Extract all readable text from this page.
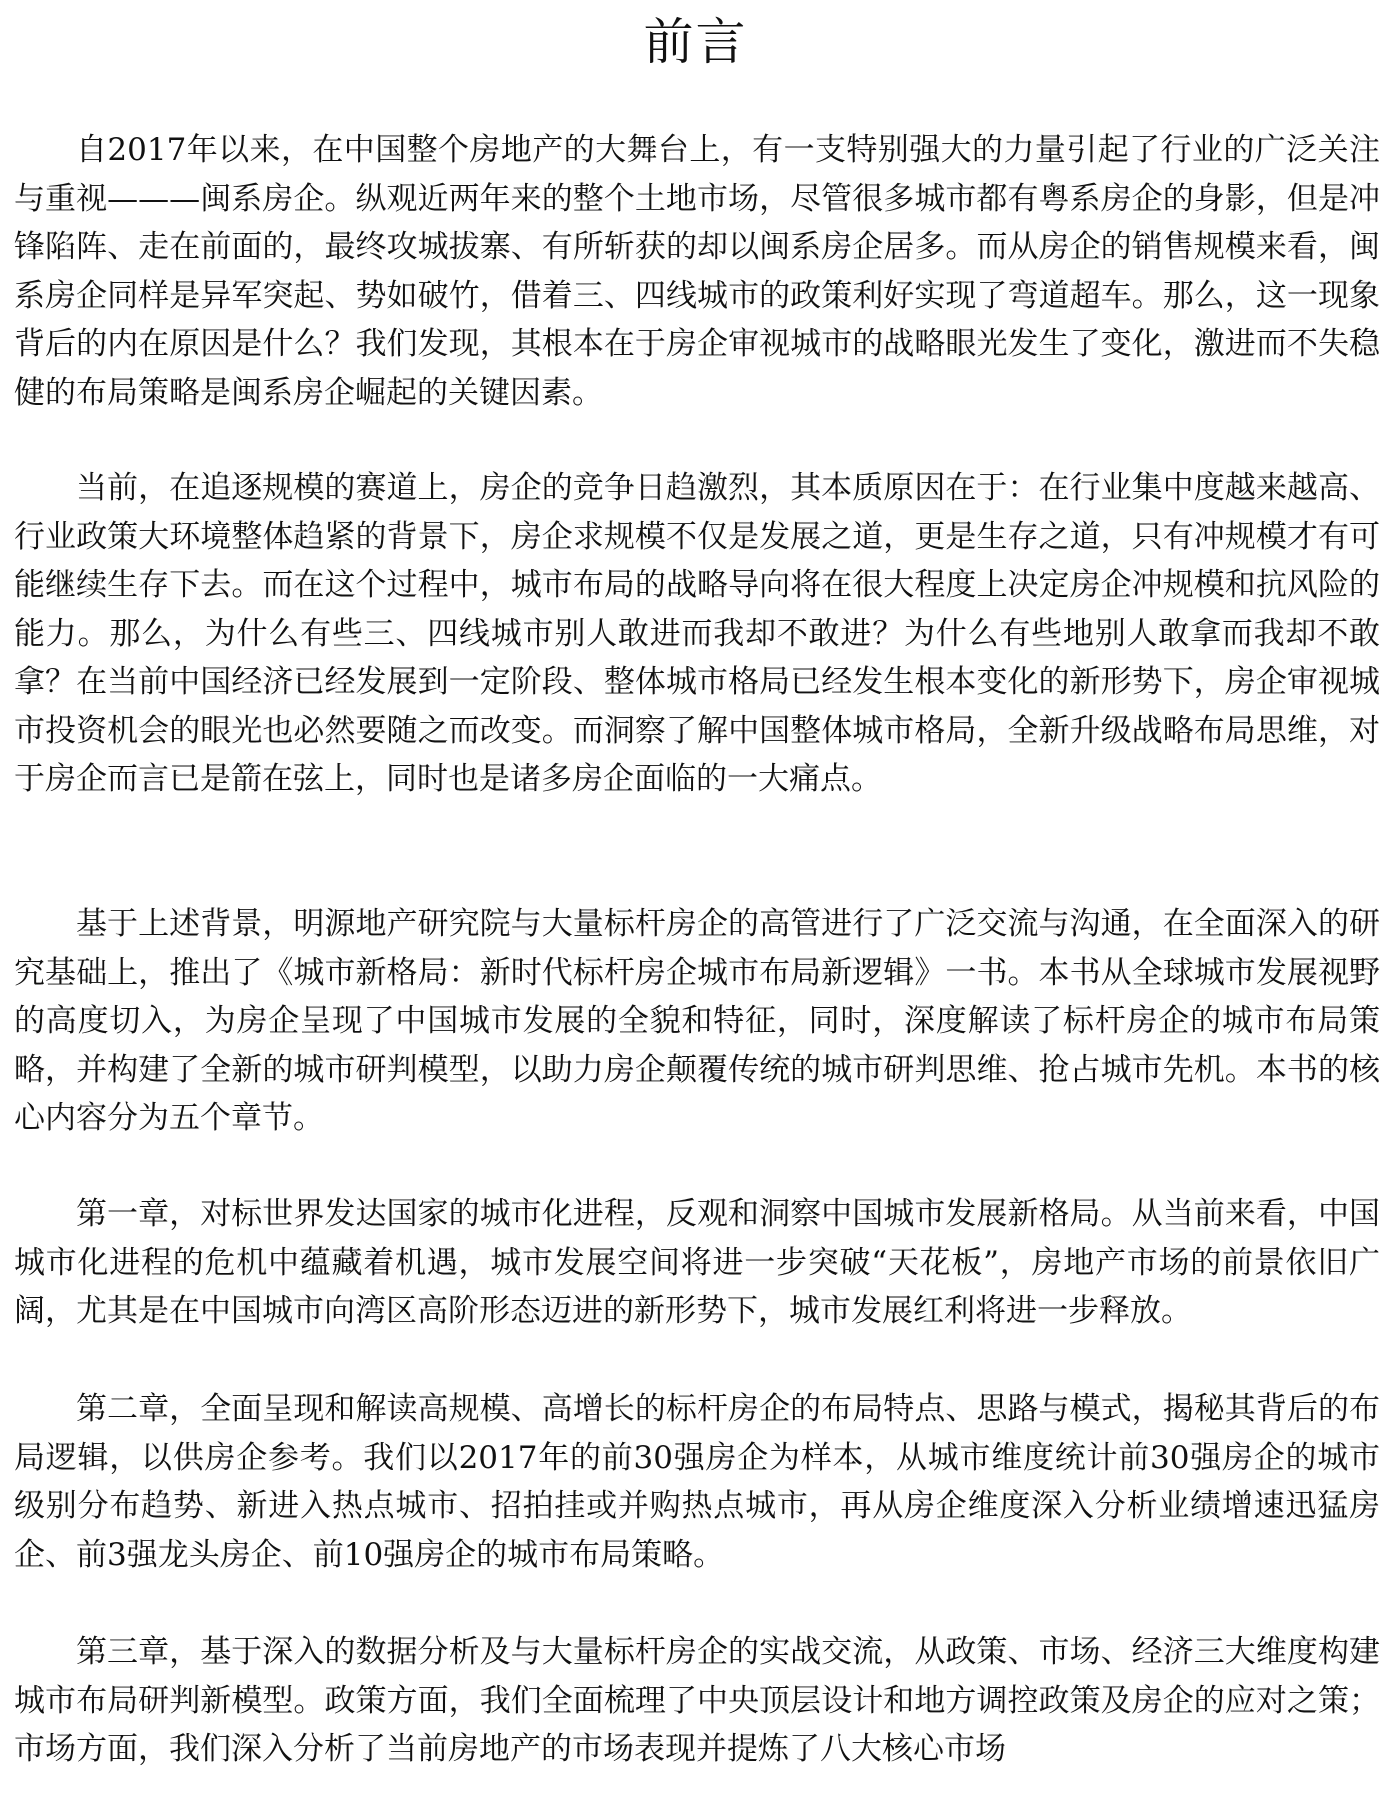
前言

自2017年以来，在中国整个房地产的大舞台上，有一支特别强大的力量引起了行业的广泛关注与重视———闽系房企。纵观近两年来的整个土地市场，尽管很多城市都有粤系房企的身影，但是冲锋陷阵、走在前面的，最终攻城拔寨、有所斩获的却以闽系房企居多。而从房企的销售规模来看，闽系房企同样是异军突起、势如破竹，借着三、四线城市的政策利好实现了弯道超车。那么，这一现象背后的内在原因是什么？我们发现，其根本在于房企审视城市的战略眼光发生了变化，激进而不失稳健的布局策略是闽系房企崛起的关键因素。

当前，在追逐规模的赛道上，房企的竞争日趋激烈，其本质原因在于：在行业集中度越来越高、行业政策大环境整体趋紧的背景下，房企求规模不仅是发展之道，更是生存之道，只有冲规模才有可能继续生存下去。而在这个过程中，城市布局的战略导向将在很大程度上决定房企冲规模和抗风险的能力。那么，为什么有些三、四线城市别人敢进而我却不敢进？为什么有些地别人敢拿而我却不敢拿？在当前中国经济已经发展到一定阶段、整体城市格局已经发生根本变化的新形势下，房企审视城市投资机会的眼光也必然要随之而改变。而洞察了解中国整体城市格局，全新升级战略布局思维，对于房企而言已是箭在弦上，同时也是诸多房企面临的一大痛点。

基于上述背景，明源地产研究院与大量标杆房企的高管进行了广泛交流与沟通，在全面深入的研究基础上，推出了《城市新格局：新时代标杆房企城市布局新逻辑》一书。本书从全球城市发展视野的高度切入，为房企呈现了中国城市发展的全貌和特征，同时，深度解读了标杆房企的城市布局策略，并构建了全新的城市研判模型，以助力房企颠覆传统的城市研判思维、抢占城市先机。本书的核心内容分为五个章节。

第一章，对标世界发达国家的城市化进程，反观和洞察中国城市发展新格局。从当前来看，中国城市化进程的危机中蕴藏着机遇，城市发展空间将进一步突破“天花板”，房地产市场的前景依旧广阔，尤其是在中国城市向湾区高阶形态迈进的新形势下，城市发展红利将进一步释放。

第二章，全面呈现和解读高规模、高增长的标杆房企的布局特点、思路与模式，揭秘其背后的布局逻辑，以供房企参考。我们以2017年的前30强房企为样本，从城市维度统计前30强房企的城市级别分布趋势、新进入热点城市、招拍挂或并购热点城市，再从房企维度深入分析业绩增速迅猛房企、前3强龙头房企、前10强房企的城市布局策略。

第三章，基于深入的数据分析及与大量标杆房企的实战交流，从政策、市场、经济三大维度构建城市布局研判新模型。政策方面，我们全面梳理了中央顶层设计和地方调控政策及房企的应对之策；市场方面，我们深入分析了当前房地产的市场表现并提炼了八大核心市场
